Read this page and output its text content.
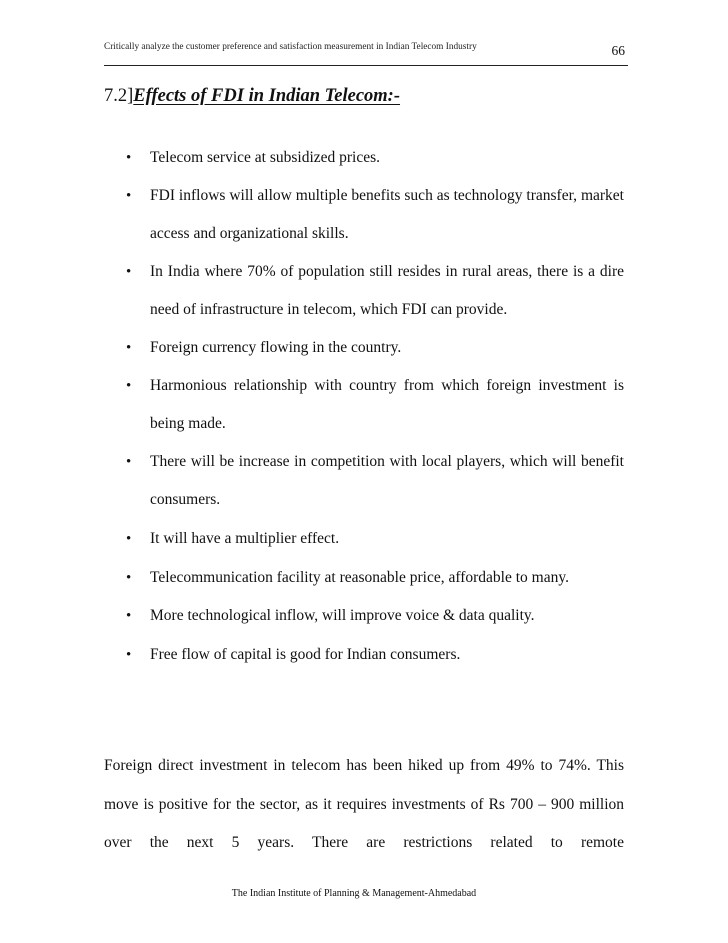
Critically analyze the customer preference and satisfaction measurement in Indian Telecom Industry	66
7.2]Effects of FDI in Indian Telecom:-
• Telecom service at subsidized prices.
• FDI inflows will allow multiple benefits such as technology transfer, market access and organizational skills.
• In India where 70% of population still resides in rural areas, there is a dire need of infrastructure in telecom, which FDI can provide.
• Foreign currency flowing in the country.
• Harmonious relationship with country from which foreign investment is being made.
• There will be increase in competition with local players, which will benefit consumers.
• It will have a multiplier effect.
• Telecommunication facility at reasonable price, affordable to many.
• More technological inflow, will improve voice & data quality.
• Free flow of capital is good for Indian consumers.
Foreign direct investment in telecom has been hiked up from 49% to 74%. This move is positive for the sector, as it requires investments of Rs 700 – 900 million over the next 5 years. There are restrictions related to remote
The Indian Institute of Planning & Management-Ahmedabad
